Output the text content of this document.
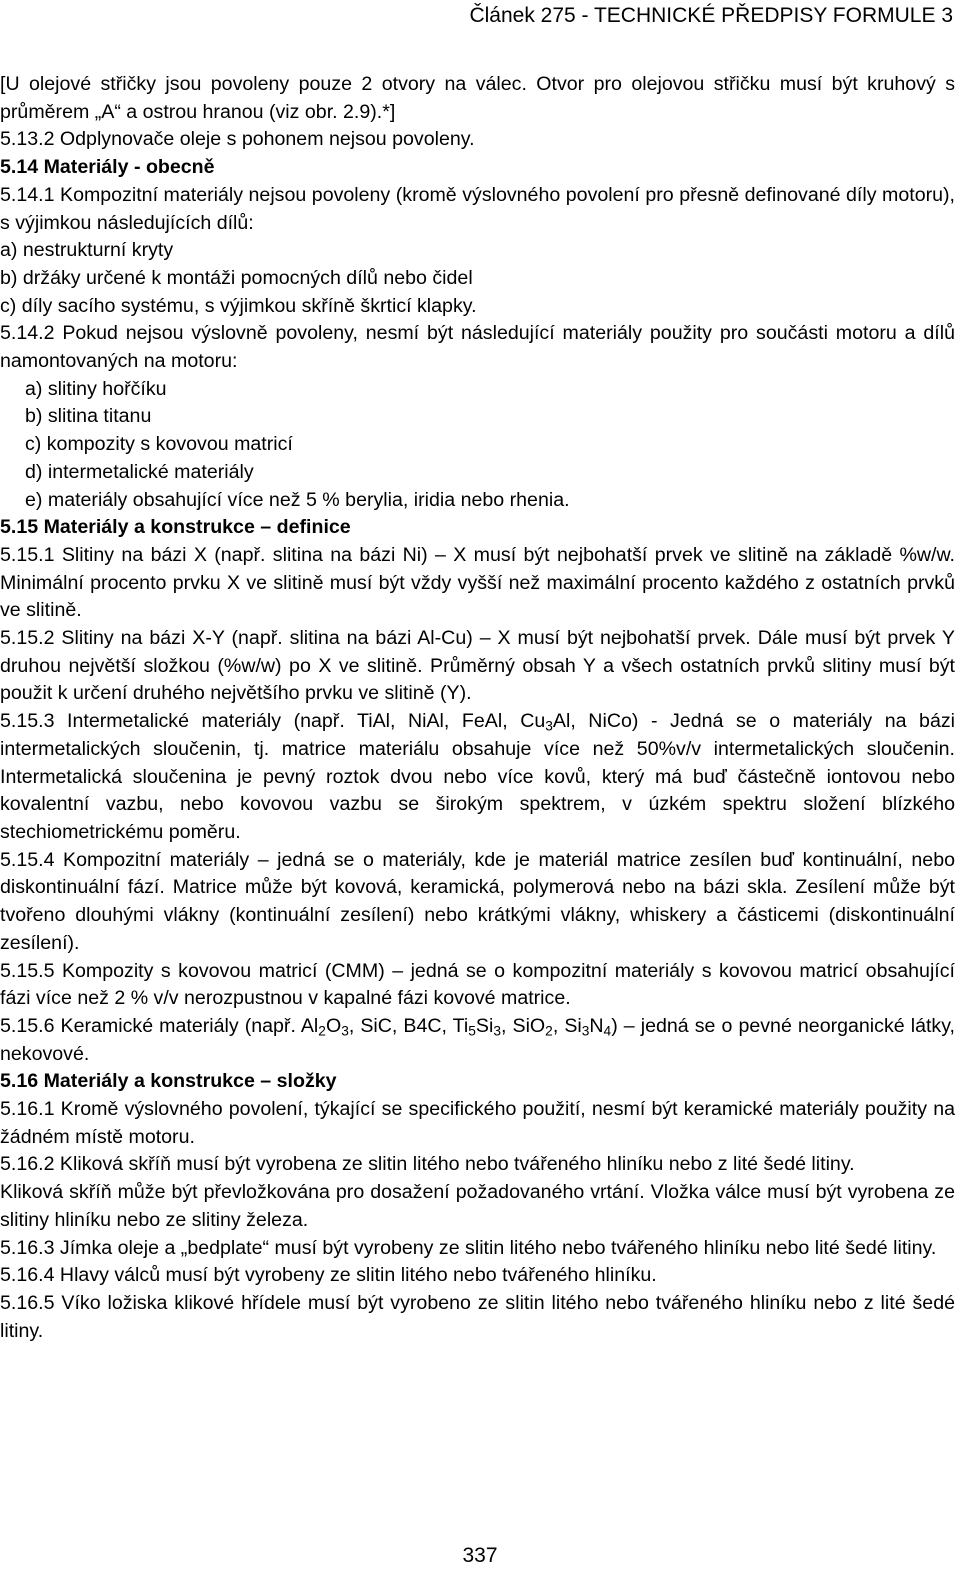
Článek 275 - TECHNICKÉ PŘEDPISY FORMULE 3

[U olejové střičky jsou povoleny pouze 2 otvory na válec. Otvor pro olejovou střičku musí být kruhový s průměrem „A“ a ostrou hranou (viz obr. 2.9).*]

5.13.2 Odplynovače oleje s pohonem nejsou povoleny.

5.14 Materiály - obecně

5.14.1 Kompozitní materiály nejsou povoleny (kromě výslovného povolení pro přesně definované díly motoru), s výjimkou následujících dílů:

a) nestrukturní kryty

b) držáky určené k montáži pomocných dílů nebo čidel

c) díly sacího systému, s výjimkou skříně škrticí klapky.

5.14.2 Pokud nejsou výslovně povoleny, nesmí být následující materiály použity pro součásti motoru a dílů namontovaných na motoru:

a) slitiny hořčíku

b) slitina titanu

c) kompozity s kovovou matricí

d) intermetalické materiály

e) materiály obsahující více než 5 % berylia, iridia nebo rhenia.

5.15 Materiály a konstrukce – definice

5.15.1 Slitiny na bázi X (např. slitina na bázi Ni) – X musí být nejbohatší prvek ve slitině na základě %w/w. Minimální procento prvku X ve slitině musí být vždy vyšší než maximální procento každého z ostatních prvků ve slitině.

5.15.2 Slitiny na bázi X-Y (např. slitina na bázi Al-Cu) – X musí být nejbohatší prvek. Dále musí být prvek Y druhou největší složkou (%w/w) po X ve slitině. Průměrný obsah Y a všech ostatních prvků slitiny musí být použit k určení druhého největšího prvku ve slitině (Y).

5.15.3 Intermetalické materiály (např. TiAl, NiAl, FeAl, $Cu_3Al$, NiCo) - Jedná se o materiály na bázi intermetalických sloučenin, tj. matrice materiálu obsahuje více než 50%v/v intermetalických sloučenin. Intermetalická sloučenina je pevný roztok dvou nebo více kovů, který má buď částečně iontovou nebo kovalentní vazbu, nebo kovovou vazbu se širokým spektrem, v úzkém spektru složení blízkého stechiometrickému poměru.

5.15.4 Kompozitní materiály – jedná se o materiály, kde je materiál matrice zesílen buď kontinuální, nebo diskontinuální fází. Matrice může být kovová, keramická, polymerová nebo na bázi skla. Zesílení může být tvořeno dlouhými vlákny (kontinuální zesílení) nebo krátkými vlákny, whiskery a částicemi (diskontinuální zesílení).

5.15.5 Kompozity s kovovou matricí (CMM) – jedná se o kompozitní materiály s kovovou matricí obsahující fázi více než 2 % v/v nerozpustnou v kapalné fázi kovové matrice.

5.15.6 Keramické materiály (např. $Al_2O_3$, SiC, B4C, $Ti_5Si_3$, SiO$_2$, $Si_3N_4$) – jedná se o pevné neorganické látky, nekovové.

5.16 Materiály a konstrukce – složky

5.16.1 Kromě výslovného povolení, týkající se specifického použití, nesmí být keramické materiály použity na žádném místě motoru.

5.16.2 Kliková skříň musí být vyrobena ze slitin litého nebo tvářeného hliníku nebo z lité šedé litiny.

Kliková skříň může být převložkována pro dosažení požadovaného vrtání. Vložka válce musí být vyrobena ze slitiny hliníku nebo ze slitiny železa.

5.16.3 Jímka oleje a „bedplate“ musí být vyrobeny ze slitin litého nebo tvářeného hliníku nebo lité šedé litiny.

5.16.4 Hlavy válců musí být vyrobeny ze slitin litého nebo tvářeného hliníku.

5.16.5 Víko ložiska klikové hřídele musí být vyrobeno ze slitin litého nebo tvářeného hliníku nebo z lité šedé litiny.

337
